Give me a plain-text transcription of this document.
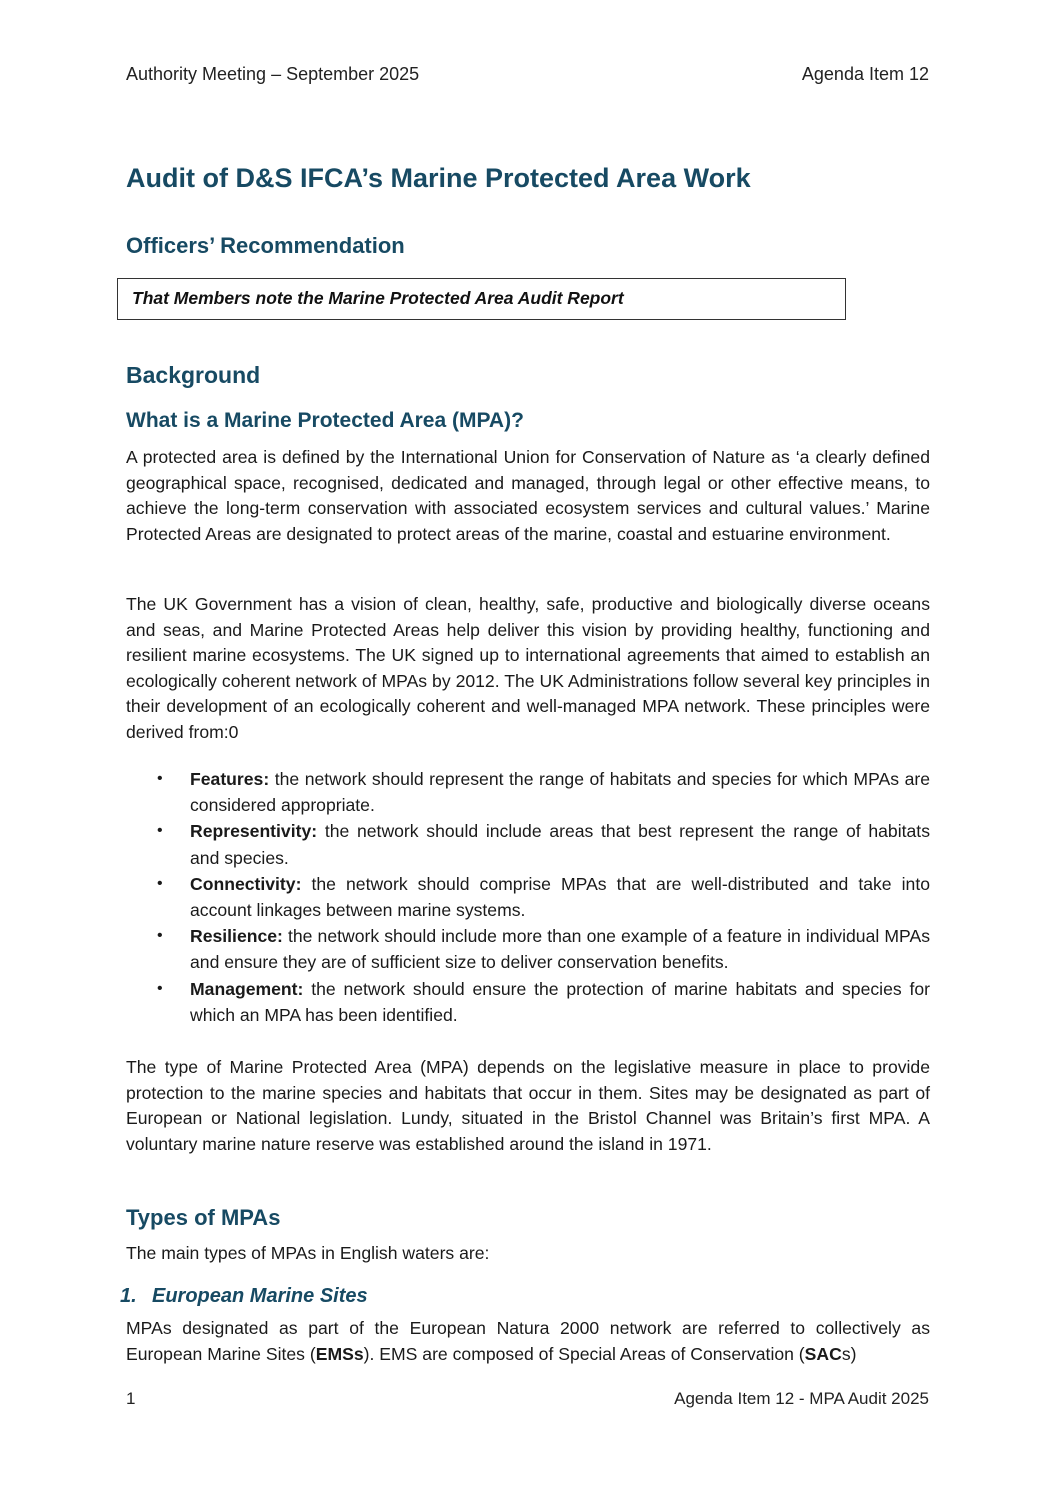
Authority Meeting – September 2025	Agenda Item 12
Audit of D&S IFCA’s Marine Protected Area Work
Officers’ Recommendation
That Members note the Marine Protected Area Audit Report
Background
What is a Marine Protected Area (MPA)?

A protected area is defined by the International Union for Conservation of Nature as ‘a clearly defined geographical space, recognised, dedicated and managed, through legal or other effective means, to achieve the long-term conservation with associated ecosystem services and cultural values.’ Marine Protected Areas are designated to protect areas of the marine, coastal and estuarine environment.

The UK Government has a vision of clean, healthy, safe, productive and biologically diverse oceans and seas, and Marine Protected Areas help deliver this vision by providing healthy, functioning and resilient marine ecosystems. The UK signed up to international agreements that aimed to establish an ecologically coherent network of MPAs by 2012. The UK Administrations follow several key principles in their development of an ecologically coherent and well-managed MPA network. These principles were derived from:0

• Features: the network should represent the range of habitats and species for which MPAs are considered appropriate.
• Representivity: the network should include areas that best represent the range of habitats and species.
• Connectivity: the network should comprise MPAs that are well-distributed and take into account linkages between marine systems.
• Resilience: the network should include more than one example of a feature in individual MPAs and ensure they are of sufficient size to deliver conservation benefits.
• Management: the network should ensure the protection of marine habitats and species for which an MPA has been identified.

The type of Marine Protected Area (MPA) depends on the legislative measure in place to provide protection to the marine species and habitats that occur in them. Sites may be designated as part of European or National legislation. Lundy, situated in the Bristol Channel was Britain’s first MPA. A voluntary marine nature reserve was established around the island in 1971.

Types of MPAs

The main types of MPAs in English waters are:

1. European Marine Sites

MPAs designated as part of the European Natura 2000 network are referred to collectively as European Marine Sites (EMSs). EMS are composed of Special Areas of Conservation (SACs)

1	Agenda Item 12 - MPA Audit 2025
